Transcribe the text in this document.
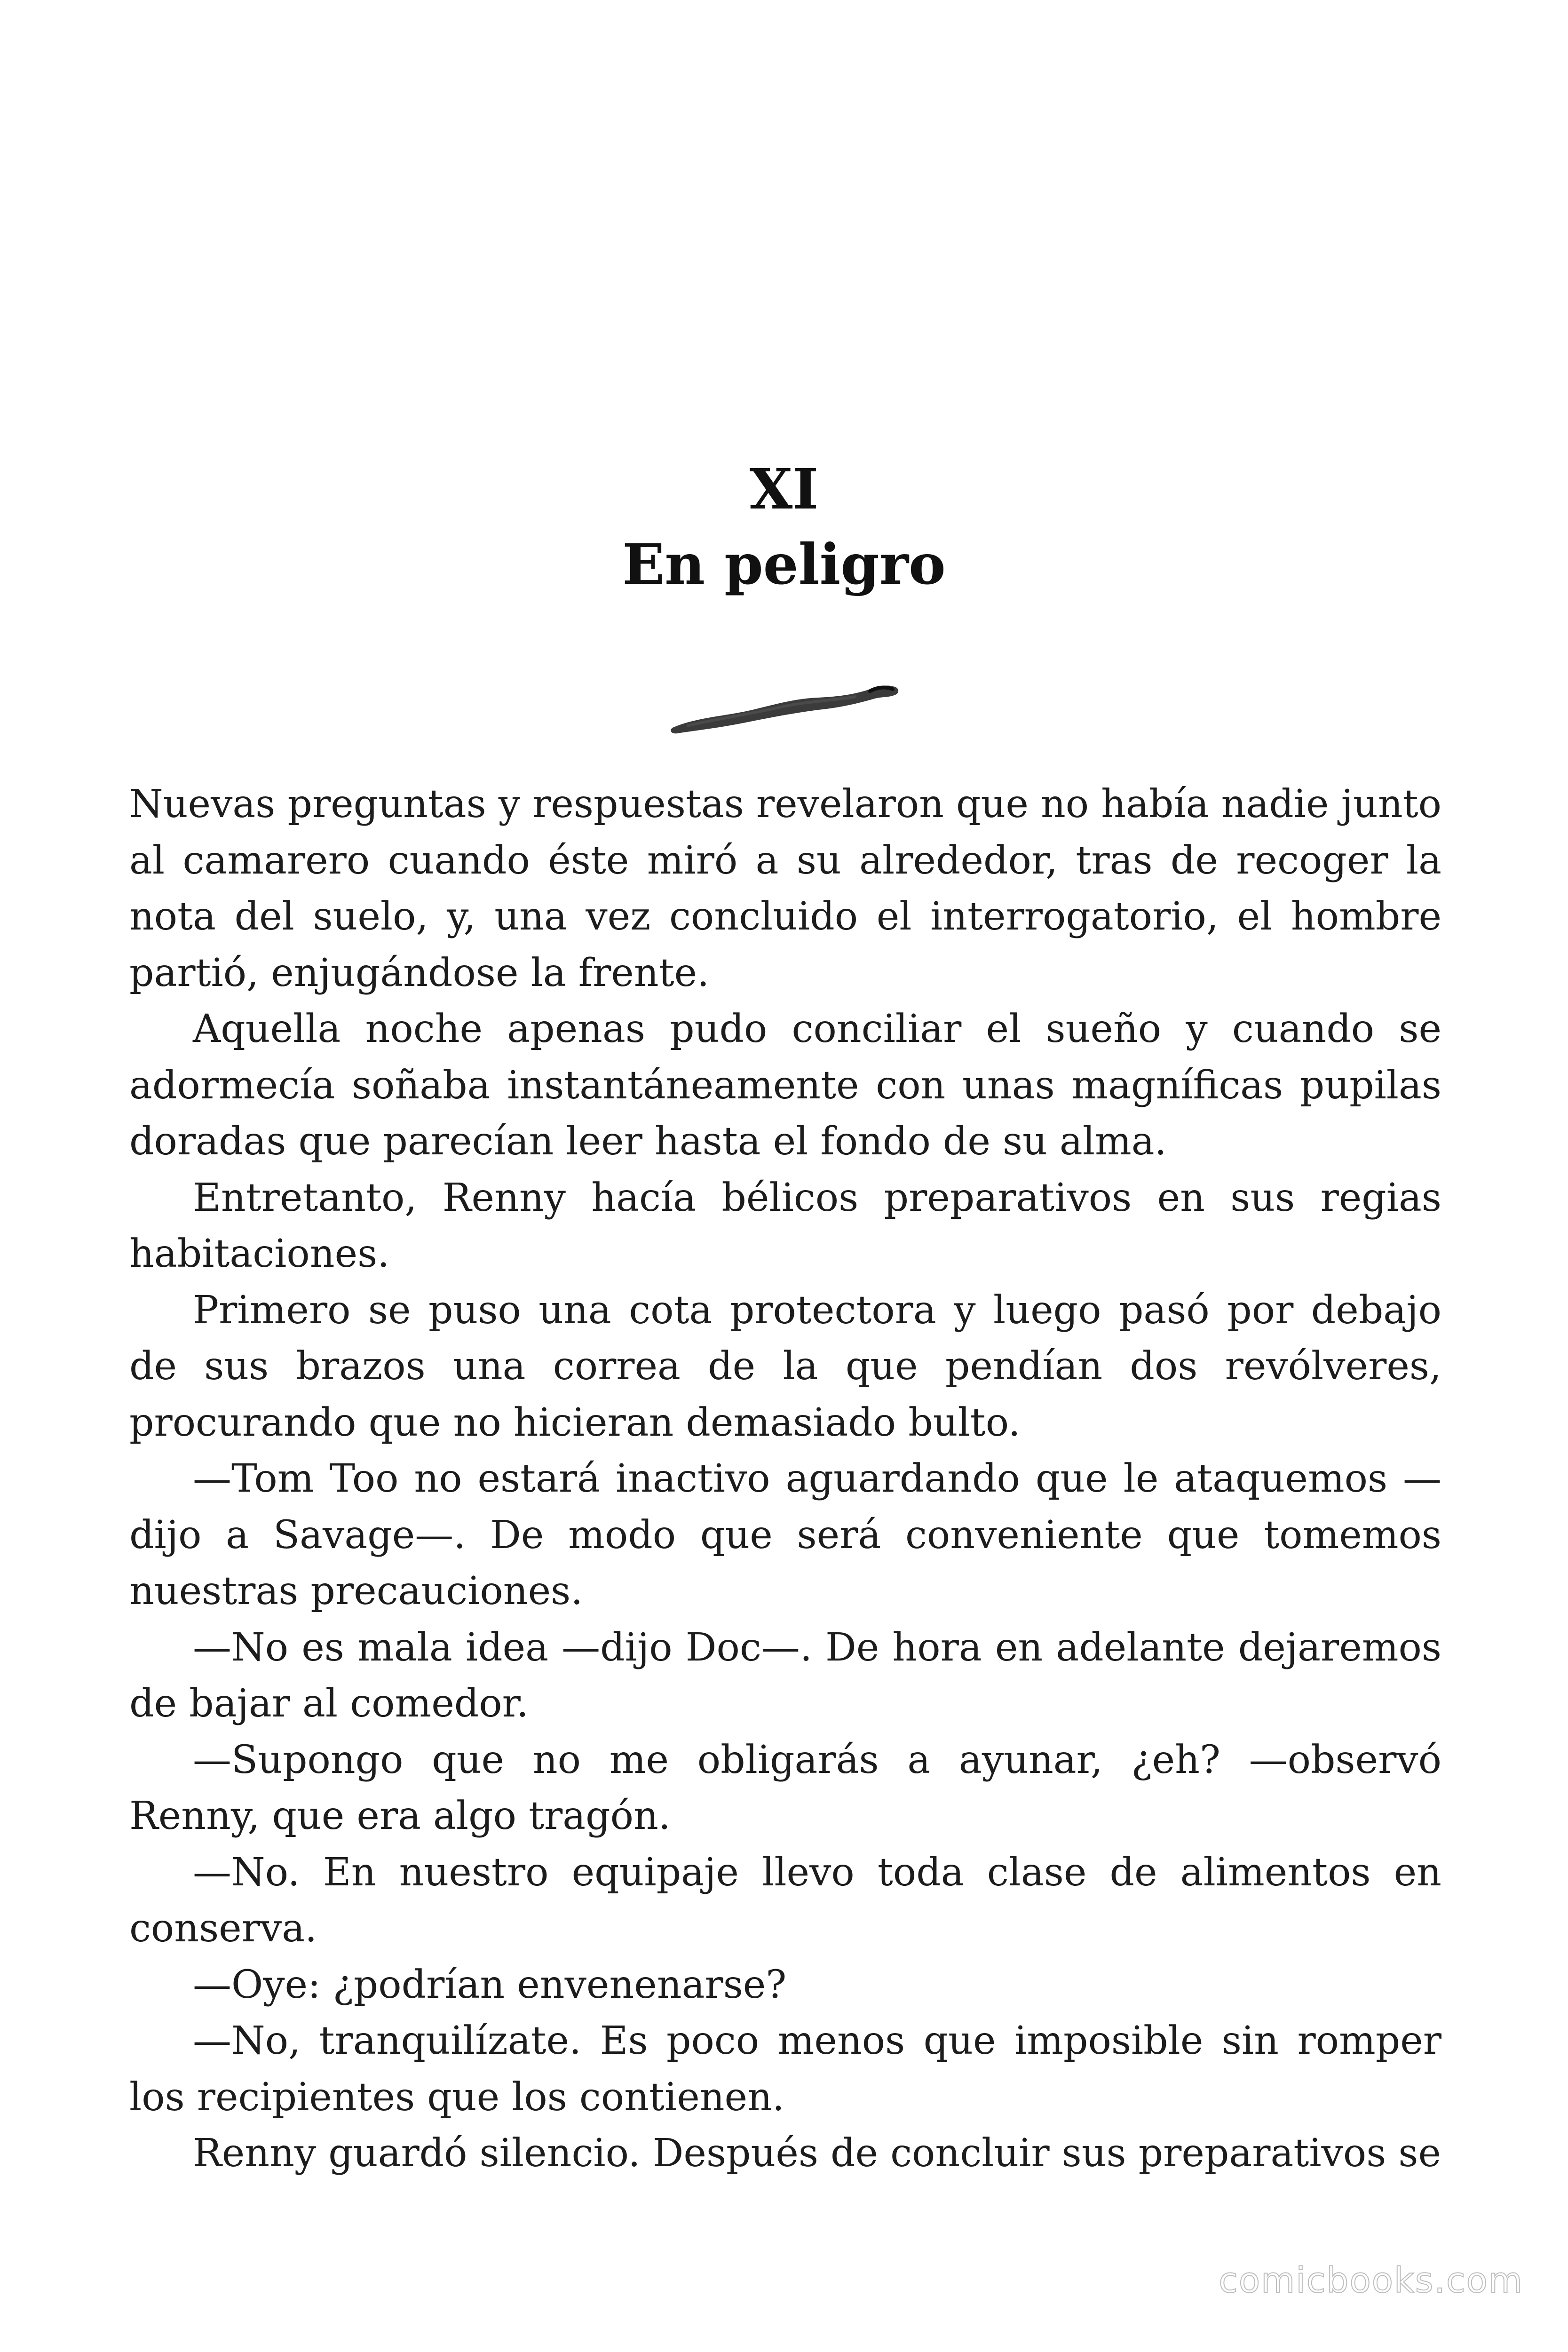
XI
En peligro

Nuevas preguntas y respuestas revelaron que no había nadie junto al camarero cuando éste miró a su alrededor, tras de recoger la nota del suelo, y, una vez concluido el interrogatorio, el hombre partió, enjugándose la frente.

Aquella noche apenas pudo conciliar el sueño y cuando se adormecía soñaba instantáneamente con unas magníficas pupilas doradas que parecían leer hasta el fondo de su alma.

Entretanto, Renny hacía bélicos preparativos en sus regias habitaciones.

Primero se puso una cota protectora y luego pasó por debajo de sus brazos una correa de la que pendían dos revólveres, procurando que no hicieran demasiado bulto.

—Tom Too no estará inactivo aguardando que le ataquemos —dijo a Savage—. De modo que será conveniente que tomemos nuestras precauciones.

—No es mala idea —dijo Doc—. De hora en adelante dejaremos de bajar al comedor.

—Supongo que no me obligarás a ayunar, ¿eh? —observó Renny, que era algo tragón.

—No. En nuestro equipaje llevo toda clase de alimentos en conserva.

—Oye: ¿podrían envenenarse?

—No, tranquilízate. Es poco menos que imposible sin romper los recipientes que los contienen.

Renny guardó silencio. Después de concluir sus preparativos se

comicbooks.com
